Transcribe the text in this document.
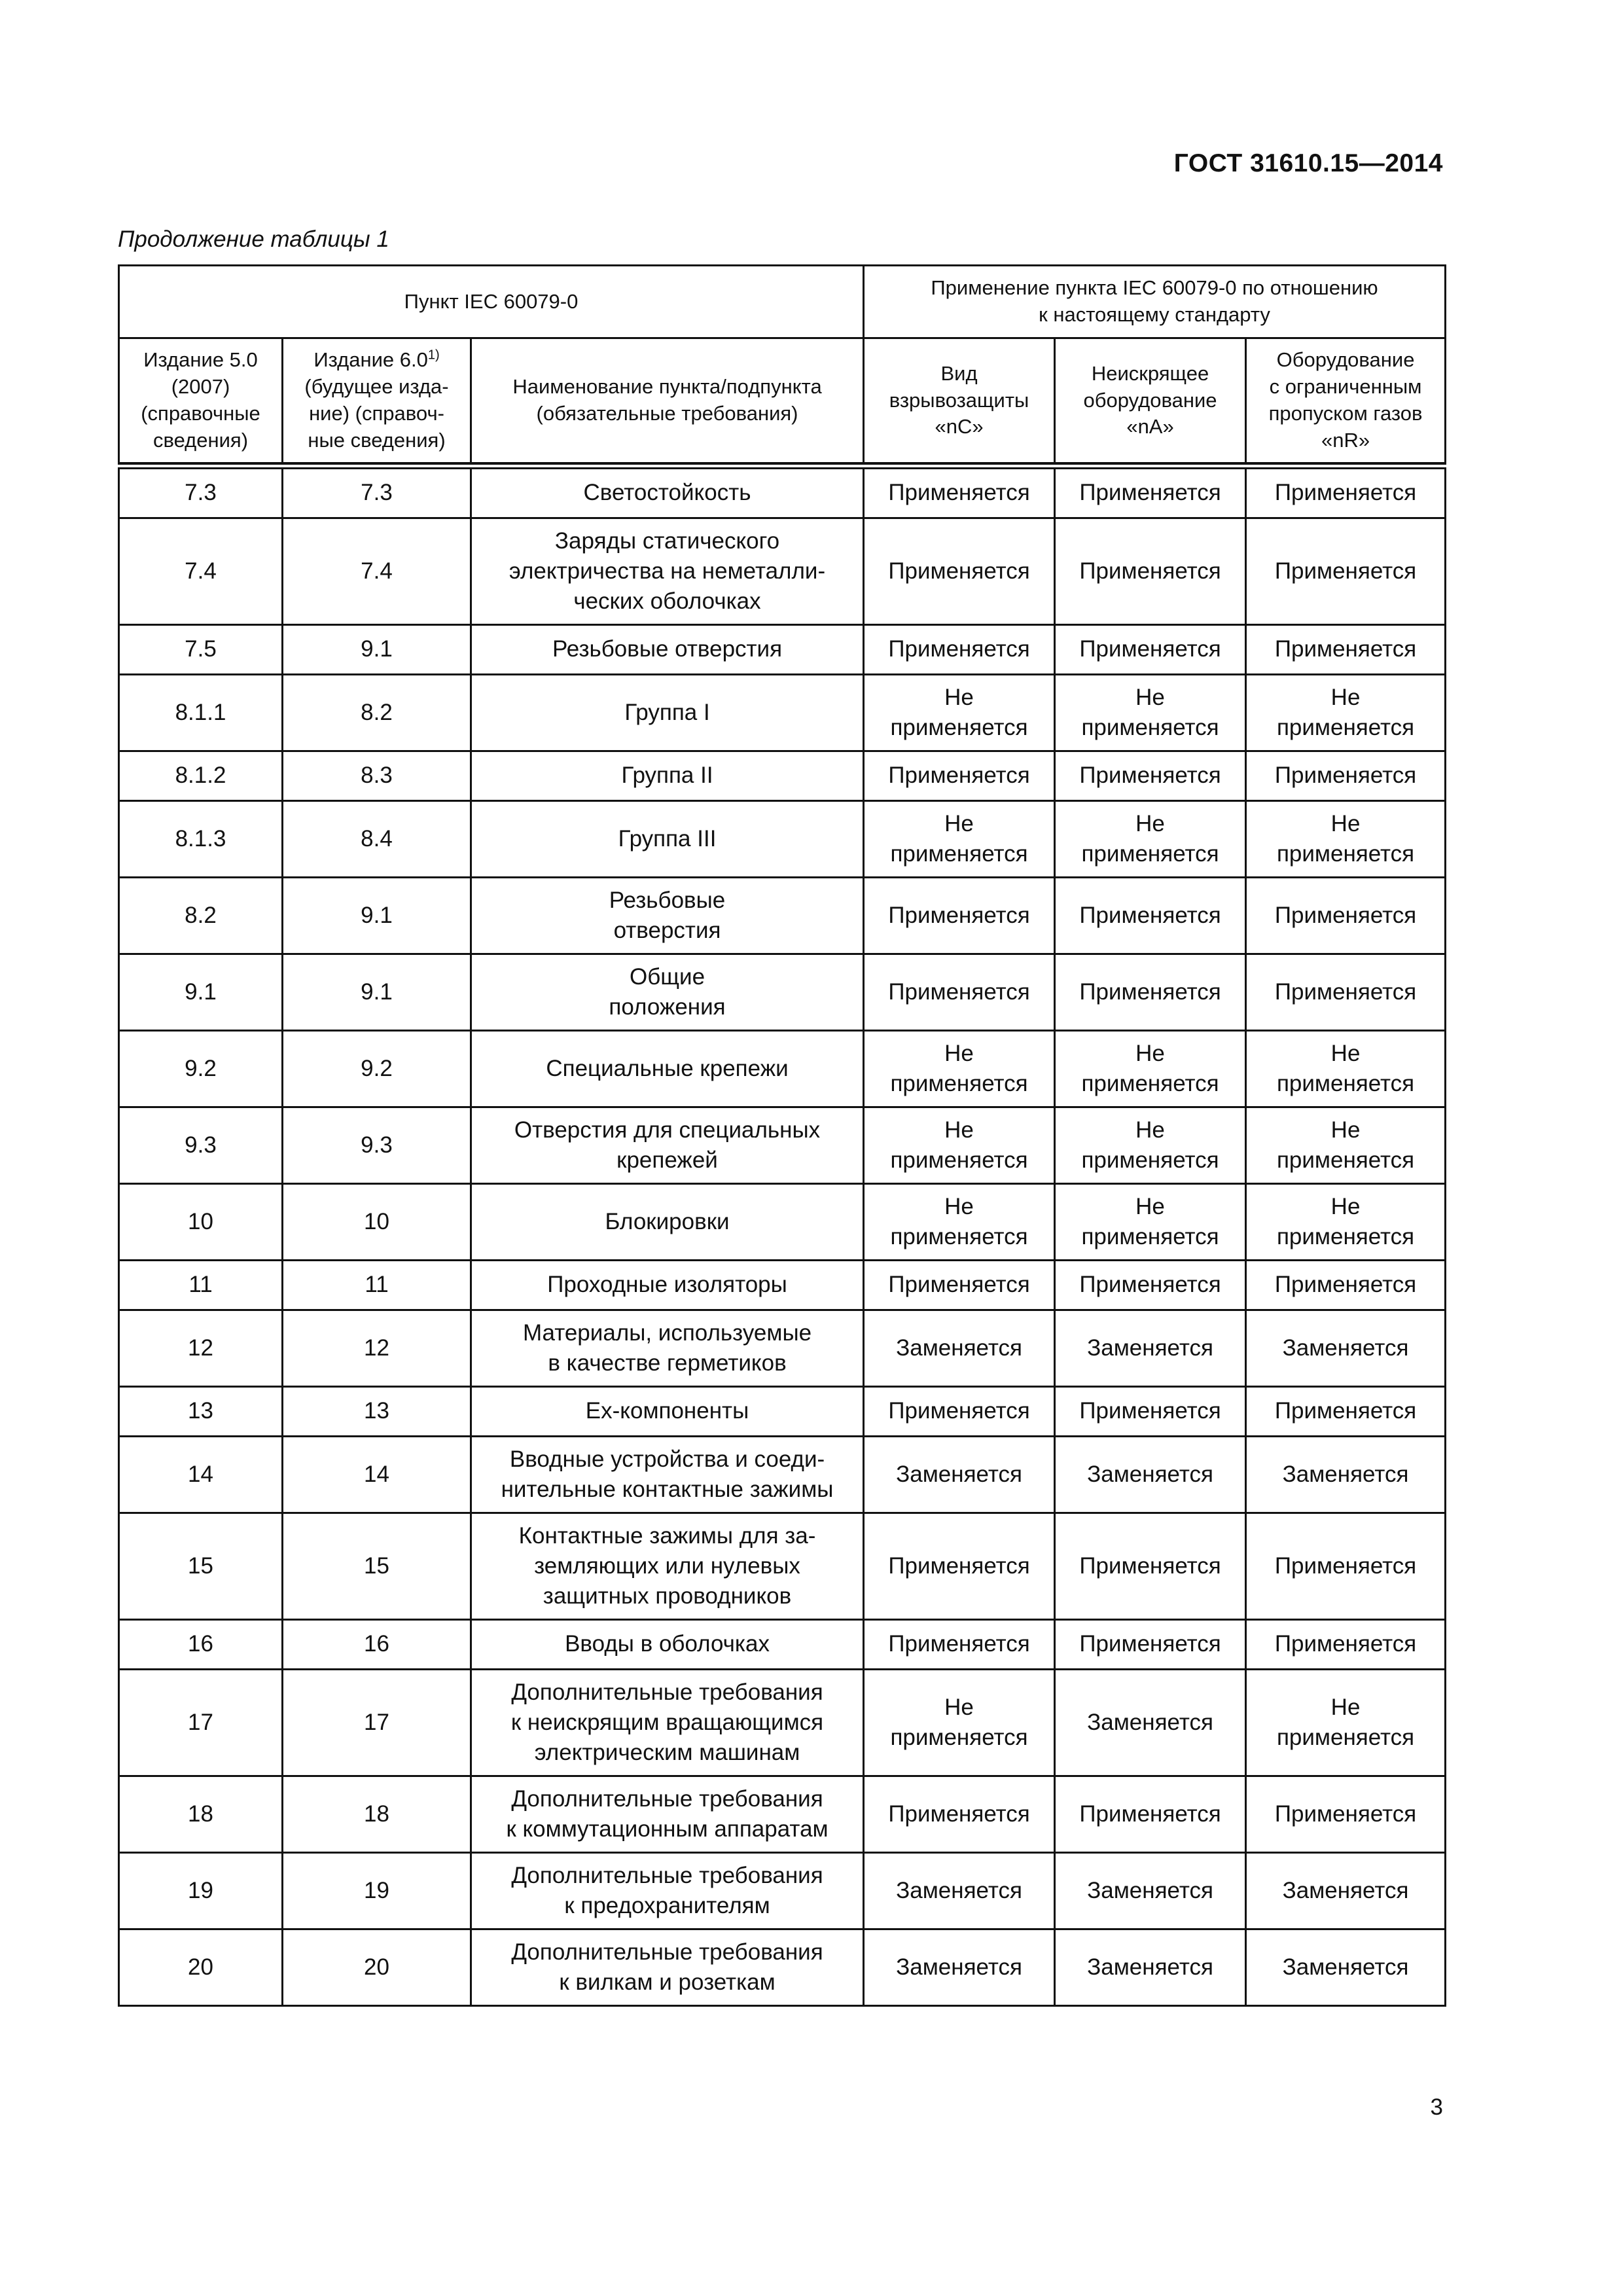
ГОСТ 31610.15—2014
Продолжение таблицы 1
Пункт IEC 60079-0			Применение пункта IEC 60079-0 по отношению
к настоящему стандарту		
Издание 5.0
(2007)
(справочные
сведения)	Издание 6.0$^{1)}$
(будущее изда-
ние) (справоч-
ные сведения)	Наименование пункта/подпункта
(обязательные требования)	Вид
взрывозащиты
«nC»	Неискрящее
оборудование
«nA»	Оборудование
с ограниченным
пропуском газов
«nR»

7.3	7.3	Светостойкость	Применяется	Применяется	Применяется
7.4	7.4	Заряды статического
электричества на неметалли-
ческих оболочках	Применяется	Применяется	Применяется
7.5	9.1	Резьбовые отверстия	Применяется	Применяется	Применяется
8.1.1	8.2	Группа I	Не
применяется	Не
применяется	Не
применяется
8.1.2	8.3	Группа II	Применяется	Применяется	Применяется
8.1.3	8.4	Группа III	Не
применяется	Не
применяется	Не
применяется
8.2	9.1	Резьбовые
отверстия	Применяется	Применяется	Применяется
9.1	9.1	Общие
положения	Применяется	Применяется	Применяется
9.2	9.2	Специальные крепежи	Не
применяется	Не
применяется	Не
применяется
9.3	9.3	Отверстия для специальных
крепежей	Не
применяется	Не
применяется	Не
применяется
10	10	Блокировки	Не
применяется	Не
применяется	Не
применяется
11	11	Проходные изоляторы	Применяется	Применяется	Применяется
12	12	Материалы, используемые
в качестве герметиков	Заменяется	Заменяется	Заменяется
13	13	Ex-компоненты	Применяется	Применяется	Применяется
14	14	Вводные устройства и соеди-
нительные контактные зажимы	Заменяется	Заменяется	Заменяется
15	15	Контактные зажимы для за-
земляющих или нулевых
защитных проводников	Применяется	Применяется	Применяется
16	16	Вводы в оболочках	Применяется	Применяется	Применяется
17	17	Дополнительные требования
к неискрящим вращающимся
электрическим машинам	Не
применяется	Заменяется	Не
применяется
18	18	Дополнительные требования
к коммутационным аппаратам	Применяется	Применяется	Применяется
19	19	Дополнительные требования
к предохранителям	Заменяется	Заменяется	Заменяется
20	20	Дополнительные требования
к вилкам и розеткам	Заменяется	Заменяется	Заменяется
3
